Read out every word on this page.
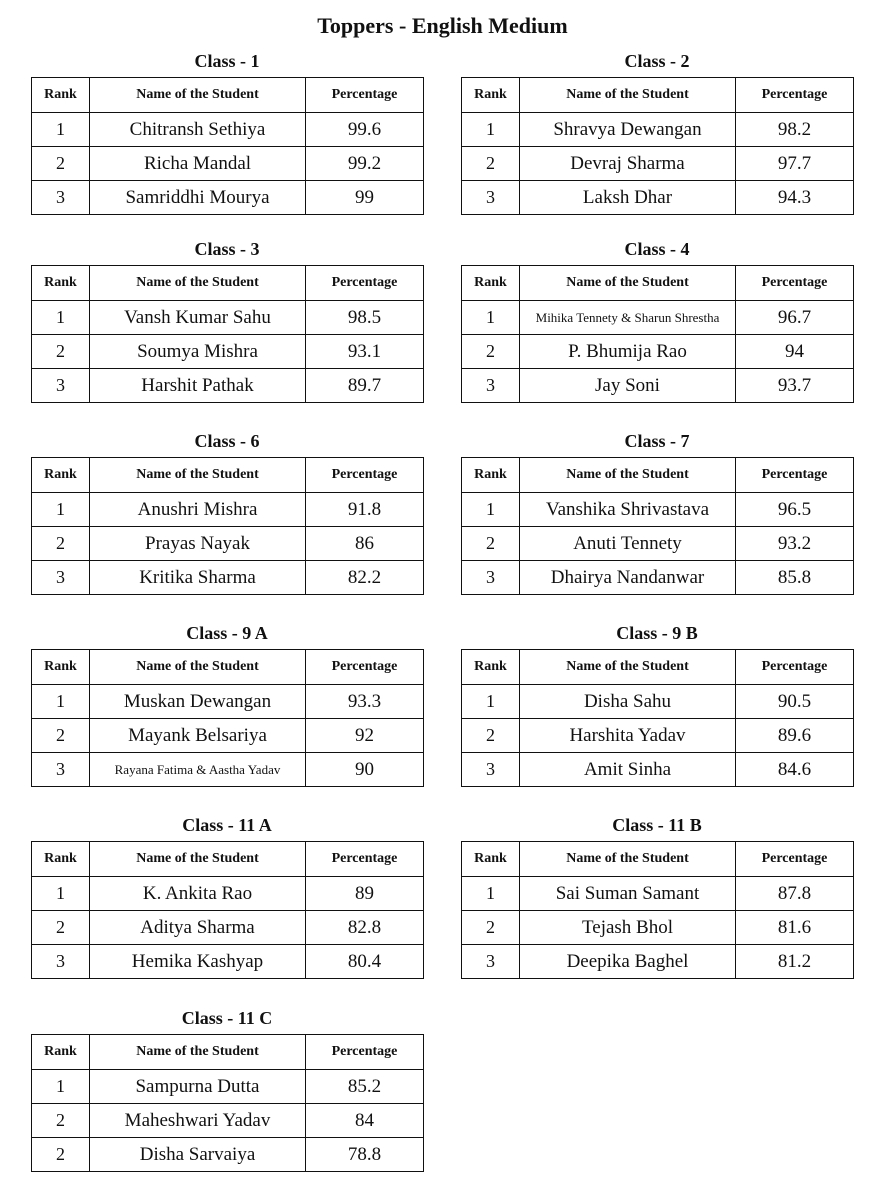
Toppers - English Medium
Class - 1
Rank	Name of the Student	Percentage
1	Chitransh Sethiya	99.6
2	Richa Mandal	99.2
3	Samriddhi Mourya	99
Class - 2
Rank	Name of the Student	Percentage
1	Shravya Dewangan	98.2
2	Devraj Sharma	97.7
3	Laksh Dhar	94.3
Class - 3
Rank	Name of the Student	Percentage
1	Vansh Kumar Sahu	98.5
2	Soumya Mishra	93.1
3	Harshit Pathak	89.7
Class - 4
Rank	Name of the Student	Percentage
1	Mihika Tennety & Sharun Shrestha	96.7
2	P. Bhumija Rao	94
3	Jay Soni	93.7
Class - 6
Rank	Name of the Student	Percentage
1	Anushri Mishra	91.8
2	Prayas Nayak	86
3	Kritika Sharma	82.2
Class - 7
Rank	Name of the Student	Percentage
1	Vanshika Shrivastava	96.5
2	Anuti Tennety	93.2
3	Dhairya Nandanwar	85.8
Class - 9 A
Rank	Name of the Student	Percentage
1	Muskan Dewangan	93.3
2	Mayank Belsariya	92
3	Rayana Fatima & Aastha Yadav	90
Class - 9 B
Rank	Name of the Student	Percentage
1	Disha Sahu	90.5
2	Harshita Yadav	89.6
3	Amit Sinha	84.6
Class - 11 A
Rank	Name of the Student	Percentage
1	K. Ankita Rao	89
2	Aditya Sharma	82.8
3	Hemika Kashyap	80.4
Class - 11 B
Rank	Name of the Student	Percentage
1	Sai Suman Samant	87.8
2	Tejash Bhol	81.6
3	Deepika Baghel	81.2
Class - 11 C
Rank	Name of the Student	Percentage
1	Sampurna Dutta	85.2
2	Maheshwari Yadav	84
2	Disha Sarvaiya	78.8
